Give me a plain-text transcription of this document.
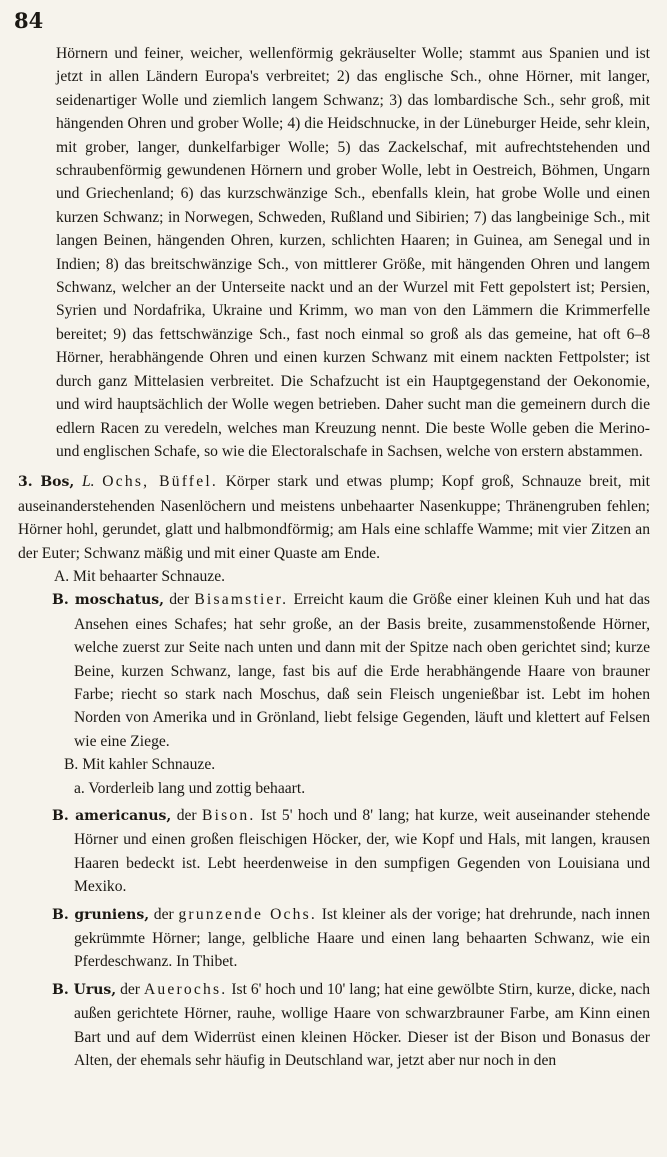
84

Hörnern und feiner, weicher, wellenförmig gekräuselter Wolle; stammt aus Spanien und ist jetzt in allen Ländern Europa's verbreitet; 2) das englische Sch., ohne Hörner, mit langer, seidenartiger Wolle und ziemlich langem Schwanz; 3) das lombardische Sch., sehr groß, mit hängenden Ohren und grober Wolle; 4) die Heidschnucke, in der Lüneburger Heide, sehr klein, mit grober, langer, dunkelfarbiger Wolle; 5) das Zackelschaf, mit aufrechtstehenden und schraubenförmig gewundenen Hörnern und grober Wolle, lebt in Oestreich, Böhmen, Ungarn und Griechenland; 6) das kurzschwänzige Sch., ebenfalls klein, hat grobe Wolle und einen kurzen Schwanz; in Norwegen, Schweden, Rußland und Sibirien; 7) das langbeinige Sch., mit langen Beinen, hängenden Ohren, kurzen, schlichten Haaren; in Guinea, am Senegal und in Indien; 8) das breitschwänzige Sch., von mittlerer Größe, mit hängenden Ohren und langem Schwanz, welcher an der Unterseite nackt und an der Wurzel mit Fett gepolstert ist; Persien, Syrien und Nordafrika, Ukraine und Krimm, wo man von den Lämmern die Krimmerfelle bereitet; 9) das fettschwänzige Sch., fast noch einmal so groß als das gemeine, hat oft 6–8 Hörner, herabhängende Ohren und einen kurzen Schwanz mit einem nackten Fettpolster; ist durch ganz Mittelasien verbreitet. Die Schafzucht ist ein Hauptgegenstand der Oekonomie, und wird hauptsächlich der Wolle wegen betrieben. Daher sucht man die gemeinern durch die edlern Racen zu veredeln, welches man Kreuzung nennt. Die beste Wolle geben die Merino- und englischen Schafe, so wie die Electoralschafe in Sachsen, welche von erstern abstammen.

3. Bos, L. Ochs, Büffel. Körper stark und etwas plump; Kopf groß, Schnauze breit, mit auseinanderstehenden Nasenlöchern und meistens unbehaarter Nasenkuppe; Thränengruben fehlen; Hörner hohl, gerundet, glatt und halbmondförmig; am Hals eine schlaffe Wamme; mit vier Zitzen an der Euter; Schwanz mäßig und mit einer Quaste am Ende.

A. Mit behaarter Schnauze.

B. moschatus, der Bisamstier. Erreicht kaum die Größe einer kleinen Kuh und hat das Ansehen eines Schafes; hat sehr große, an der Basis breite, zusammenstoßende Hörner, welche zuerst zur Seite nach unten und dann mit der Spitze nach oben gerichtet sind; kurze Beine, kurzen Schwanz, lange, fast bis auf die Erde herabhängende Haare von brauner Farbe; riecht so stark nach Moschus, daß sein Fleisch ungenießbar ist. Lebt im hohen Norden von Amerika und in Grönland, liebt felsige Gegenden, läuft und klettert auf Felsen wie eine Ziege.

B. Mit kahler Schnauze.

a. Vorderleib lang und zottig behaart.

B. americanus, der Bison. Ist 5' hoch und 8' lang; hat kurze, weit auseinander stehende Hörner und einen großen fleischigen Höcker, der, wie Kopf und Hals, mit langen, krausen Haaren bedeckt ist. Lebt heerdenweise in den sumpfigen Gegenden von Louisiana und Mexiko.

B. gruniens, der grunzende Ochs. Ist kleiner als der vorige; hat drehrunde, nach innen gekrümmte Hörner; lange, gelbliche Haare und einen lang behaarten Schwanz, wie ein Pferdeschwanz. In Thibet.

B. Urus, der Auerochs. Ist 6' hoch und 10' lang; hat eine gewölbte Stirn, kurze, dicke, nach außen gerichtete Hörner, rauhe, wollige Haare von schwarzbrauner Farbe, am Kinn einen Bart und auf dem Widerrüst einen kleinen Höcker. Dieser ist der Bison und Bonasus der Alten, der ehemals sehr häufig in Deutschland war, jetzt aber nur noch in den
